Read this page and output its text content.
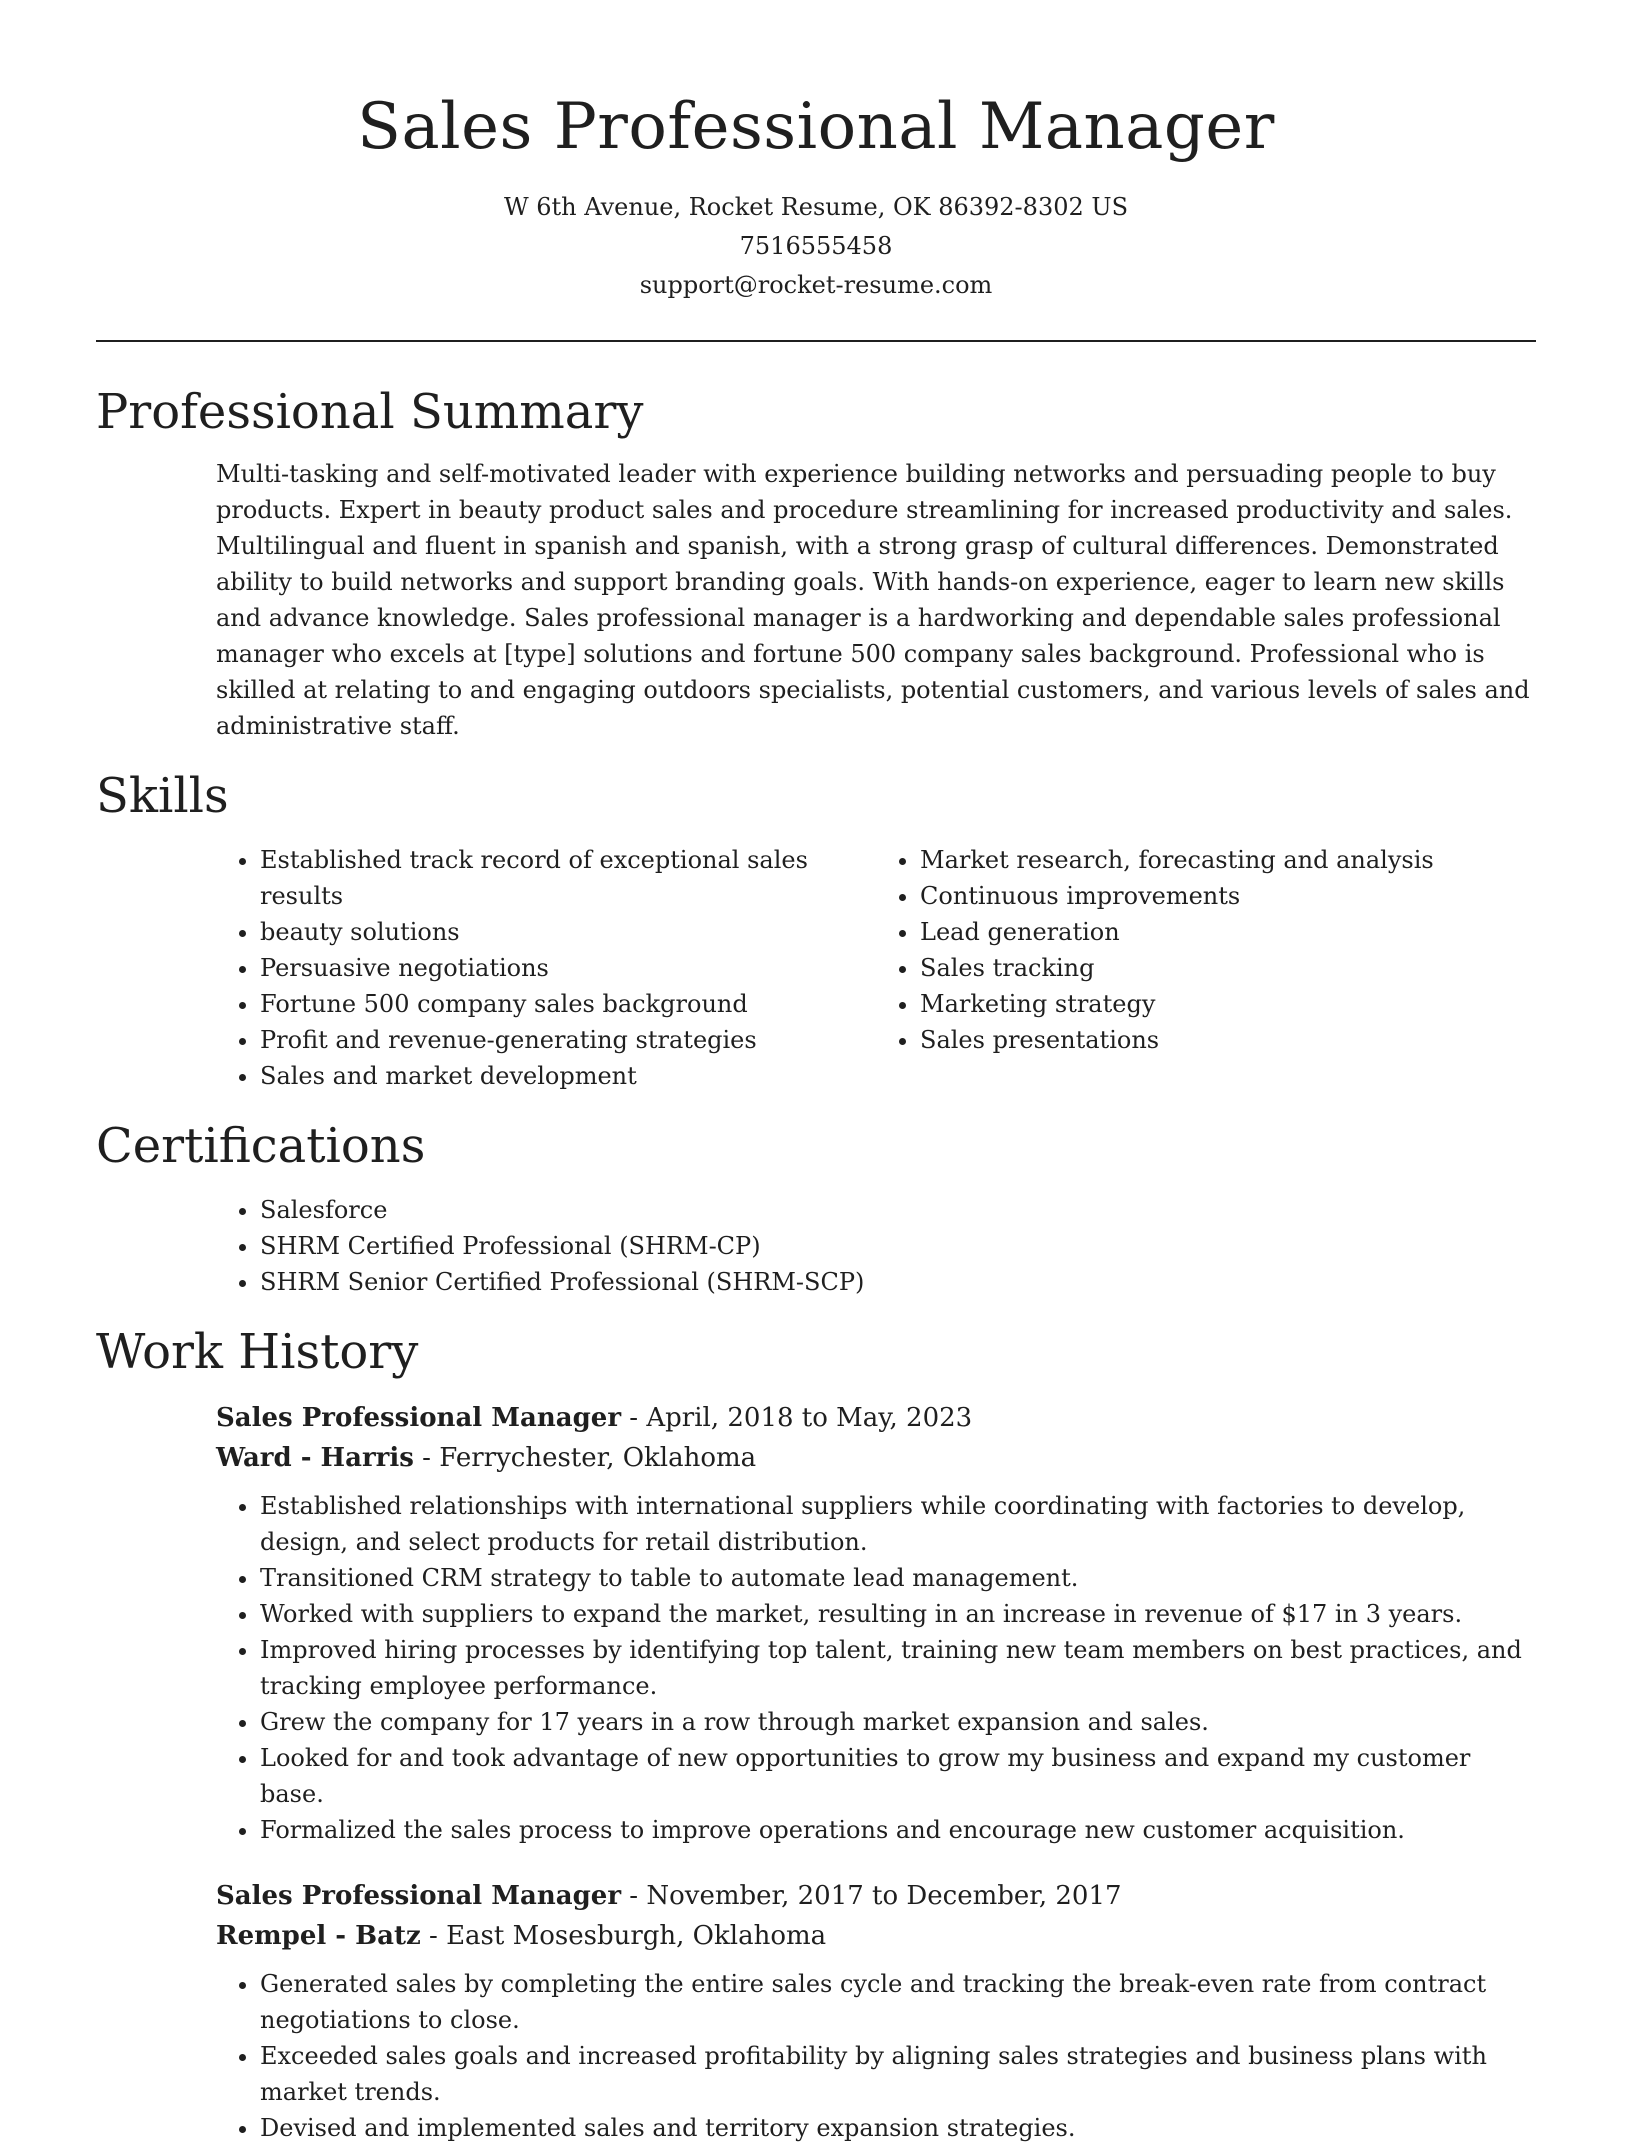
Sales Professional Manager
W 6th Avenue, Rocket Resume, OK 86392-8302 US
7516555458
support@rocket-resume.com
Professional Summary
Multi-tasking and self-motivated leader with experience building networks and persuading people to buy products. Expert in beauty product sales and procedure streamlining for increased productivity and sales. Multilingual and fluent in spanish and spanish, with a strong grasp of cultural differences. Demonstrated ability to build networks and support branding goals. With hands-on experience, eager to learn new skills and advance knowledge. Sales professional manager is a hardworking and dependable sales professional manager who excels at [type] solutions and fortune 500 company sales background. Professional who is skilled at relating to and engaging outdoors specialists, potential customers, and various levels of sales and administrative staff.
Skills
• Established track record of exceptional sales results
• beauty solutions
• Persuasive negotiations
• Fortune 500 company sales background
• Profit and revenue-generating strategies
• Sales and market development
• Market research, forecasting and analysis
• Continuous improvements
• Lead generation
• Sales tracking
• Marketing strategy
• Sales presentations
Certifications
• Salesforce
• SHRM Certified Professional (SHRM-CP)
• SHRM Senior Certified Professional (SHRM-SCP)
Work History
Sales Professional Manager - April, 2018 to May, 2023
Ward - Harris - Ferrychester, Oklahoma
• Established relationships with international suppliers while coordinating with factories to develop, design, and select products for retail distribution.
• Transitioned CRM strategy to table to automate lead management.
• Worked with suppliers to expand the market, resulting in an increase in revenue of $17 in 3 years.
• Improved hiring processes by identifying top talent, training new team members on best practices, and tracking employee performance.
• Grew the company for 17 years in a row through market expansion and sales.
• Looked for and took advantage of new opportunities to grow my business and expand my customer base.
• Formalized the sales process to improve operations and encourage new customer acquisition.
Sales Professional Manager - November, 2017 to December, 2017
Rempel - Batz - East Mosesburgh, Oklahoma
• Generated sales by completing the entire sales cycle and tracking the break-even rate from contract negotiations to close.
• Exceeded sales goals and increased profitability by aligning sales strategies and business plans with market trends.
• Devised and implemented sales and territory expansion strategies.
